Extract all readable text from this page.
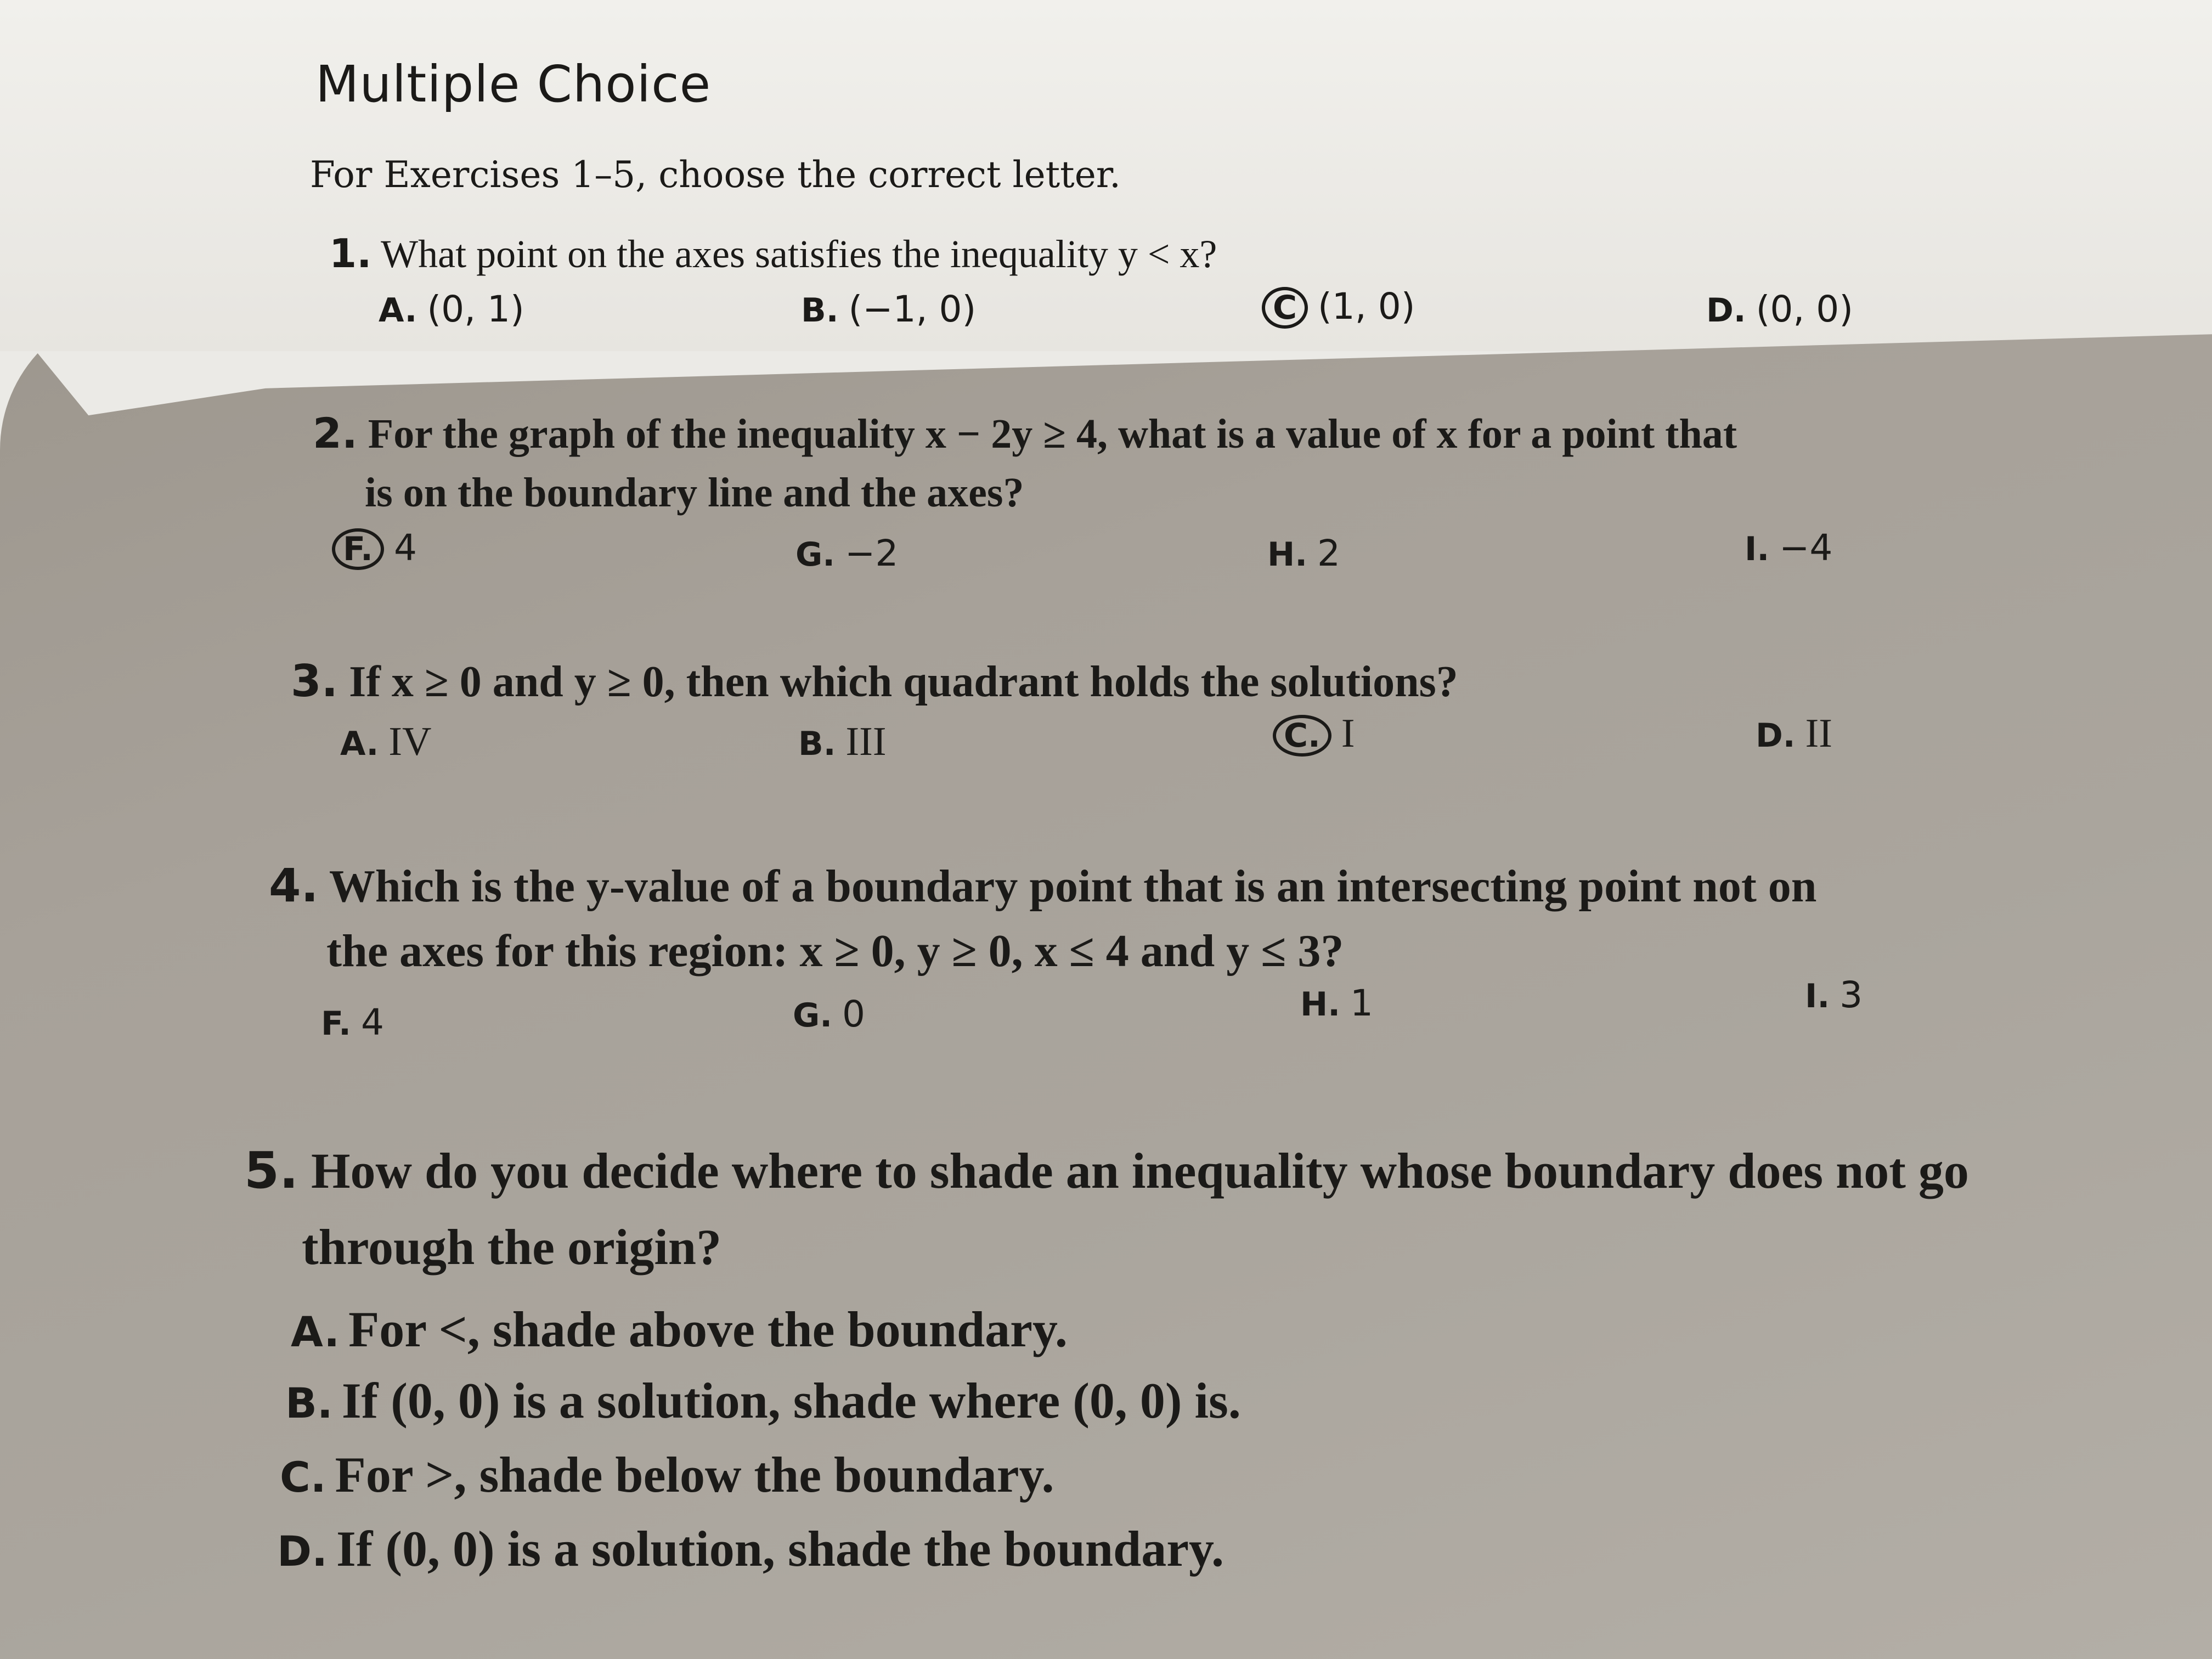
Multiple Choice
For Exercises 1–5, choose the correct letter.
1. What point on the axes satisfies the inequality y < x?
A. (0, 1)	B. (−1, 0)	C (1, 0)	D. (0, 0)
2. For the graph of the inequality x − 2y ≥ 4, what is a value of x for a point that
is on the boundary line and the axes?
F. 4	G. −2	H. 2	I. −4
3. If x ≥ 0 and y ≥ 0, then which quadrant holds the solutions?
A. IV	B. III	C. I	D. II
4. Which is the y-value of a boundary point that is an intersecting point not on
the axes for this region: x ≥ 0, y ≥ 0, x ≤ 4 and y ≤ 3?
F. 4	G. 0	H. 1	I. 3
5. How do you decide where to shade an inequality whose boundary does not go
through the origin?
A. For <, shade above the boundary.
B. If (0, 0) is a solution, shade where (0, 0) is.
C. For >, shade below the boundary.
D. If (0, 0) is a solution, shade the boundary.
